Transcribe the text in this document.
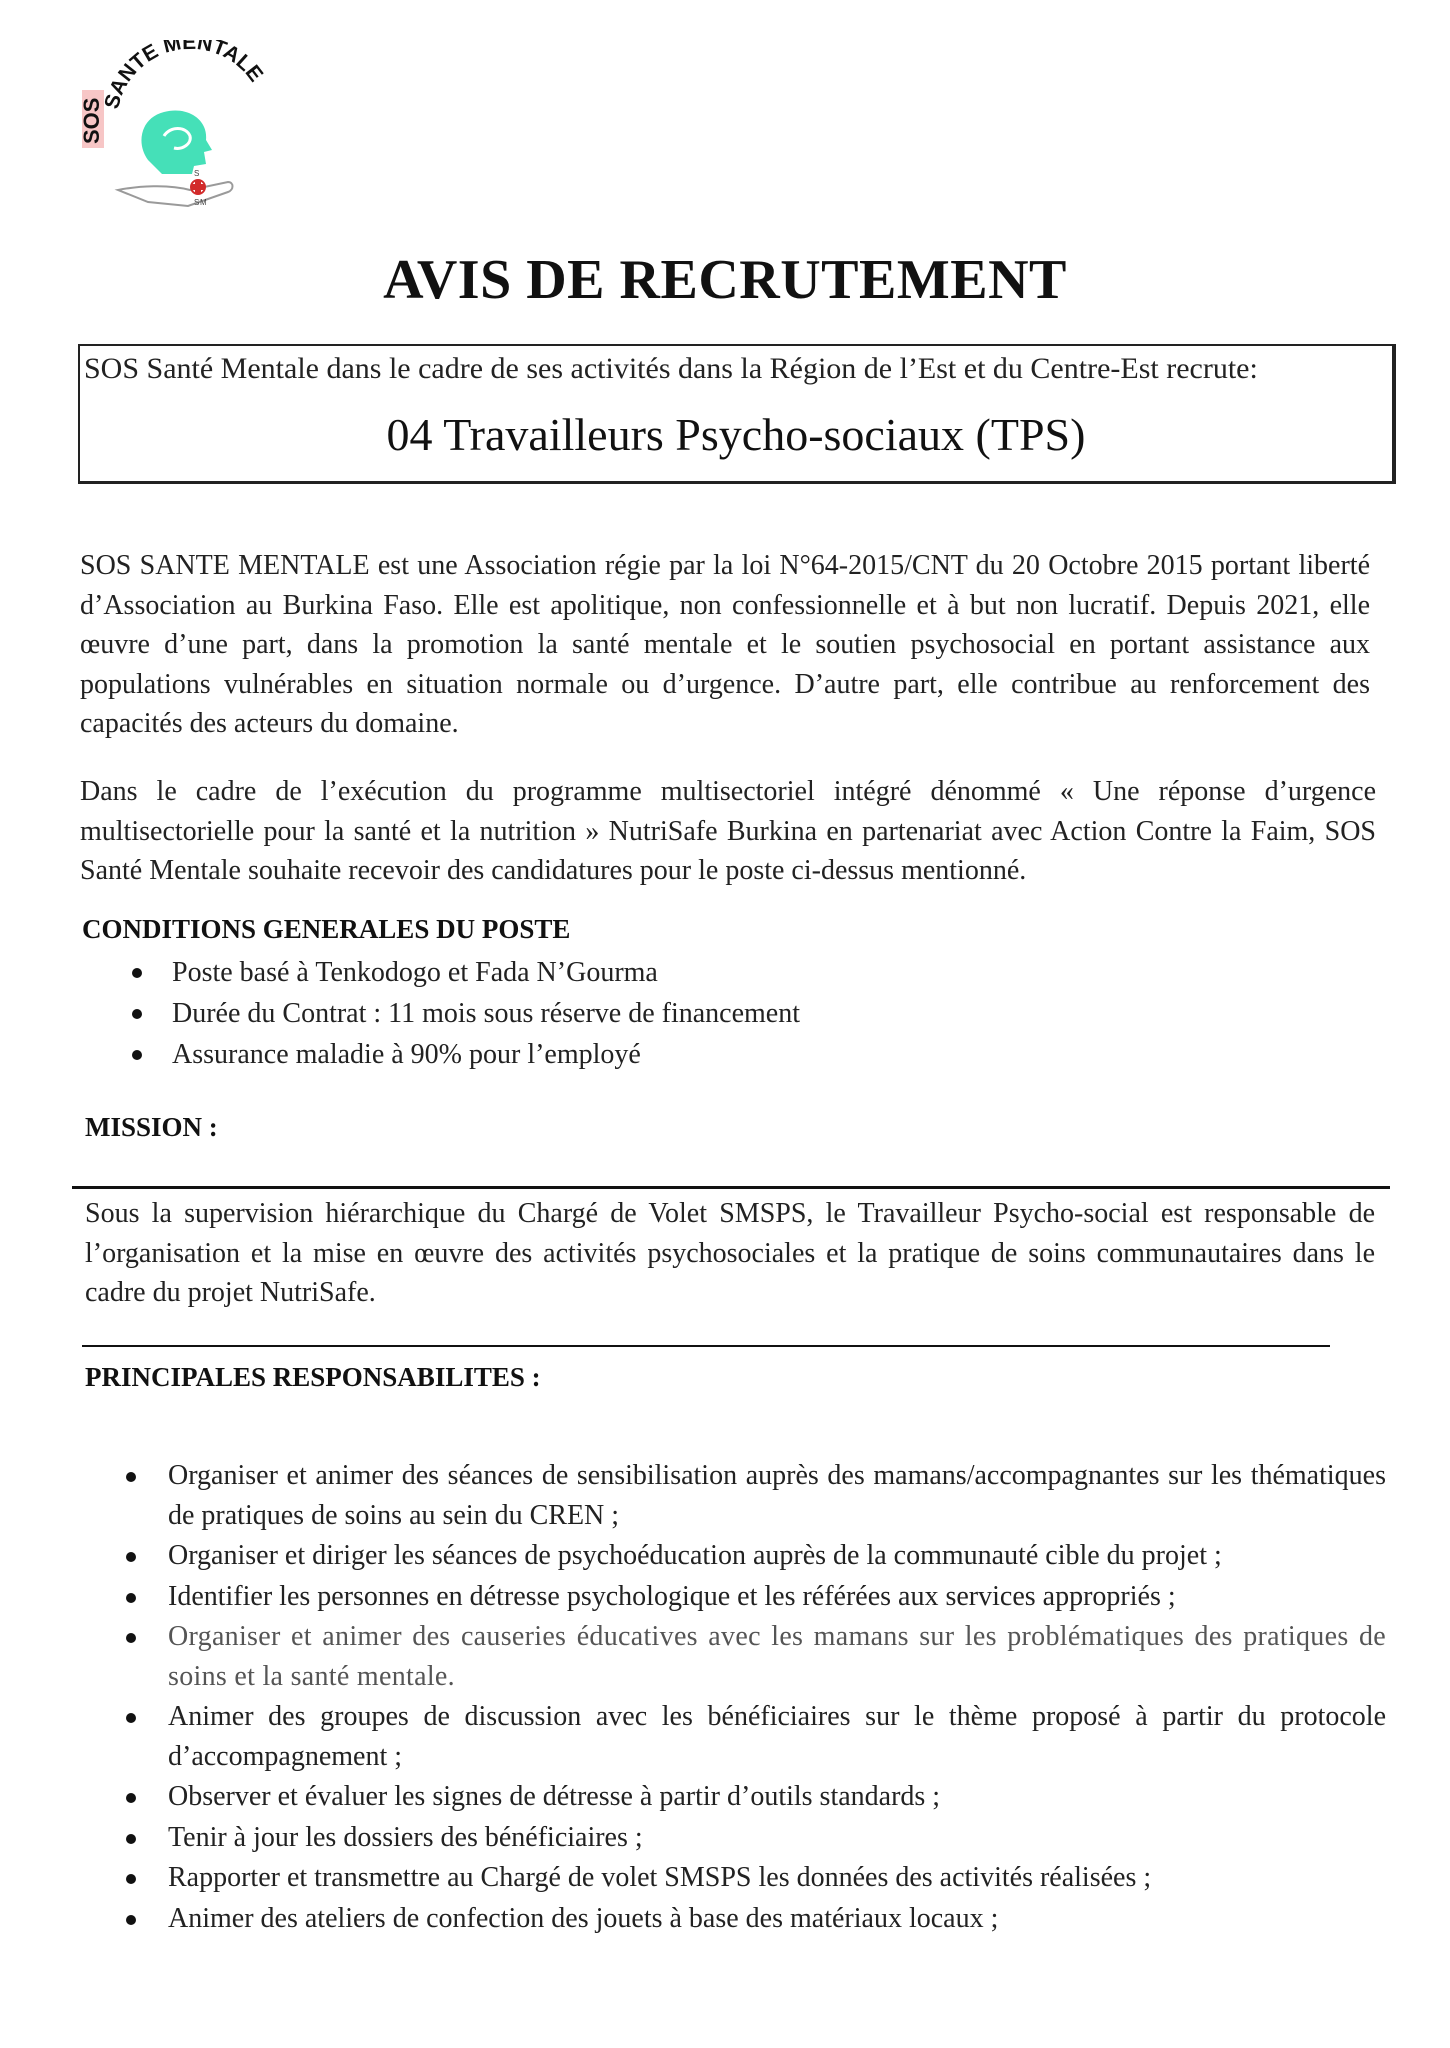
SOS
SANTE MENTALE
S
S M
AVIS DE RECRUTEMENT
SOS Santé Mentale dans le cadre de ses activités dans la Région de l’Est et du Centre-Est recrute:
04 Travailleurs Psycho-sociaux (TPS)
SOS SANTE MENTALE est une Association régie par la loi N°64-2015/CNT du 20 Octobre 2015 portant liberté d’Association au Burkina Faso. Elle est apolitique, non confessionnelle et à but non lucratif. Depuis 2021, elle œuvre d’une part, dans la promotion la santé mentale et le soutien psychosocial en portant assistance aux populations vulnérables en situation normale ou d’urgence. D’autre part, elle contribue au renforcement des capacités des acteurs du domaine.
Dans le cadre de l’exécution du programme multisectoriel intégré dénommé « Une réponse d’urgence multisectorielle pour la santé et la nutrition » NutriSafe Burkina en partenariat avec Action Contre la Faim, SOS Santé Mentale souhaite recevoir des candidatures pour le poste ci-dessus mentionné.
CONDITIONS GENERALES DU POSTE
Poste basé à Tenkodogo et Fada N’Gourma
Durée du Contrat : 11 mois sous réserve de financement
Assurance maladie à 90% pour l’employé
MISSION :
Sous la supervision hiérarchique du Chargé de Volet SMSPS, le Travailleur Psycho-social est responsable de l’organisation et la mise en œuvre des activités psychosociales et la pratique de soins communautaires dans le cadre du projet NutriSafe.
PRINCIPALES RESPONSABILITES :
Organiser et animer des séances de sensibilisation auprès des mamans/accompagnantes sur les thématiques de pratiques de soins au sein du CREN ;
Organiser et diriger les séances de psychoéducation auprès de la communauté cible du projet ;
Identifier les personnes en détresse psychologique et les référées aux services appropriés ;
Organiser et animer des causeries éducatives avec les mamans sur les problématiques des pratiques de soins et la santé mentale.
Animer des groupes de discussion avec les bénéficiaires sur le thème proposé à partir du protocole d’accompagnement ;
Observer et évaluer les signes de détresse à partir d’outils standards ;
Tenir à jour les dossiers des bénéficiaires ;
Rapporter et transmettre au Chargé de volet SMSPS les données des activités réalisées ;
Animer des ateliers de confection des jouets à base des matériaux locaux ;
